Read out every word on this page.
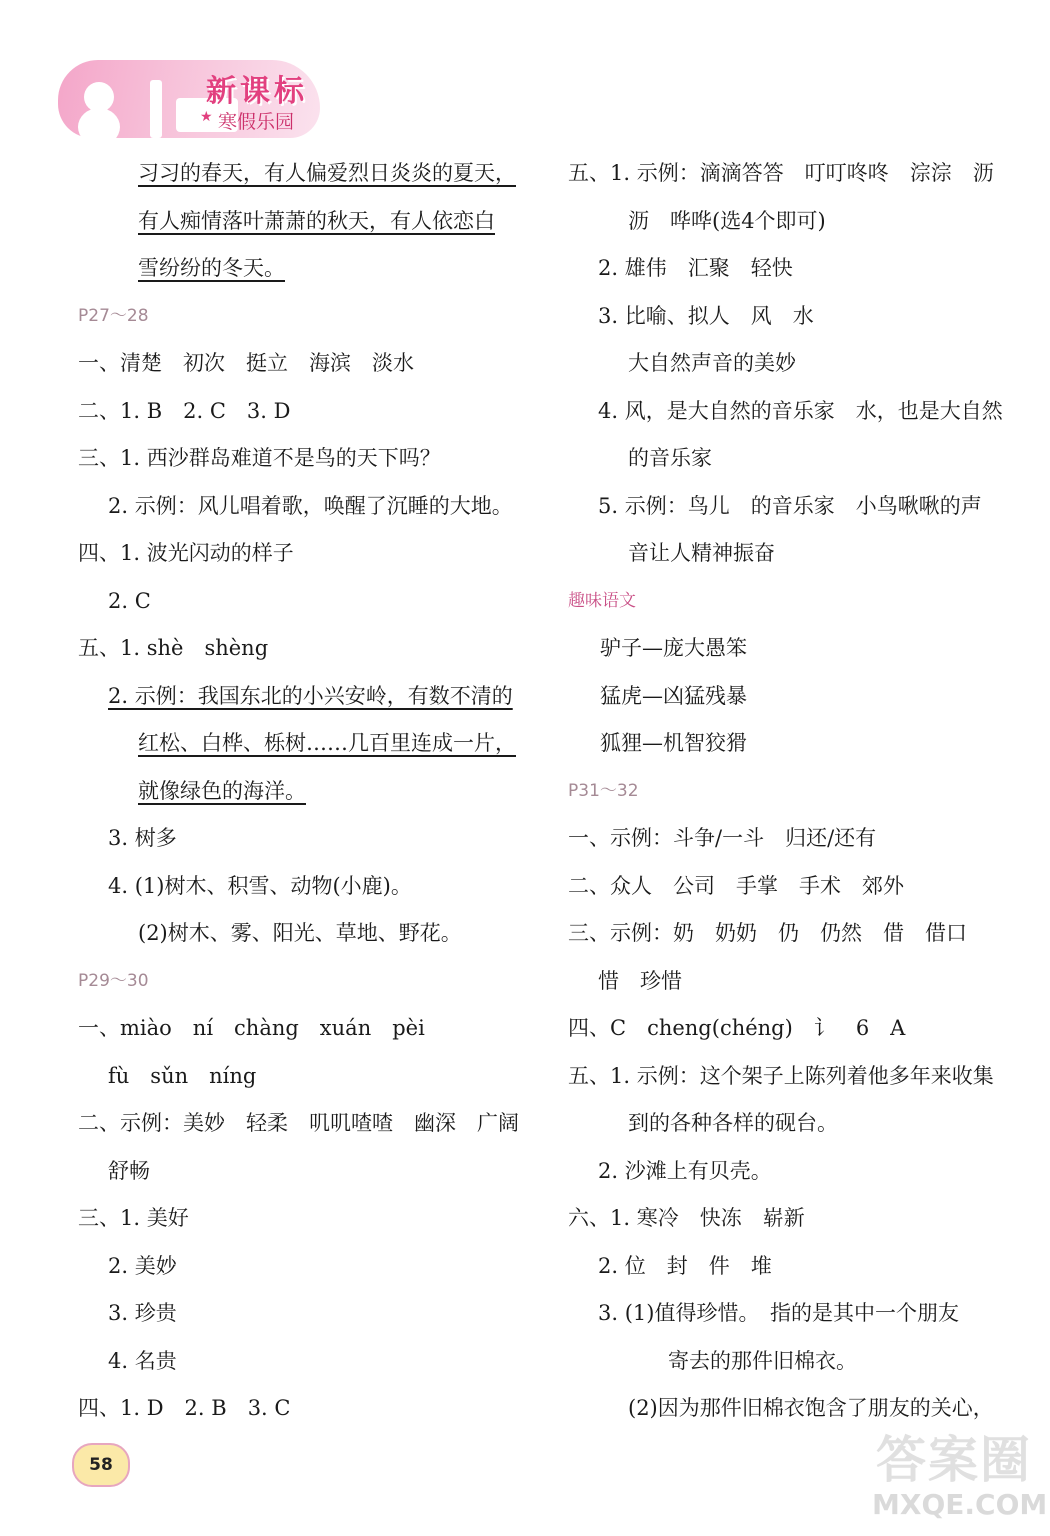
新课标
★ 寒假乐园
习习的春天，有人偏爱烈日炎炎的夏天，
有人痴情落叶萧萧的秋天，有人依恋白
雪纷纷的冬天。
P27～28
一、清楚　初次　挺立　海滨　淡水
二、1. B　2. C　3. D
三、1. 西沙群岛难道不是鸟的天下吗？
2. 示例：风儿唱着歌，唤醒了沉睡的大地。
四、1. 波光闪动的样子
2. C
五、1. shè　shèng
2. 示例：我国东北的小兴安岭，有数不清的
红松、白桦、栎树……几百里连成一片，
就像绿色的海洋。
3. 树多
4. (1)树木、积雪、动物(小鹿)。
(2)树木、雾、阳光、草地、野花。
P29～30
一、miào　ní　chàng　xuán　pèi
fù　sǔn　níng
二、示例：美妙　轻柔　叽叽喳喳　幽深　广阔
舒畅
三、1. 美好
2. 美妙
3. 珍贵
4. 名贵
四、1. D　2. B　3. C
五、1. 示例：滴滴答答　叮叮咚咚　淙淙　沥
沥　哗哗(选4个即可)
2. 雄伟　汇聚　轻快
3. 比喻、拟人　风　水
大自然声音的美妙
4. 风，是大自然的音乐家　水，也是大自然
的音乐家
5. 示例：鸟儿　的音乐家　小鸟啾啾的声
音让人精神振奋
趣味语文
驴子—庞大愚笨
猛虎—凶猛残暴
狐狸—机智狡猾
P31～32
一、示例：斗争/一斗　归还/还有
二、众人　公司　手掌　手术　郊外
三、示例：奶　奶奶　仍　仍然　借　借口
惜　珍惜
四、C　cheng(chéng)　讠　6　A
五、1. 示例：这个架子上陈列着他多年来收集
到的各种各样的砚台。
2. 沙滩上有贝壳。
六、1. 寒冷　快冻　崭新
2. 位　封　件　堆
3. (1)值得珍惜。　指的是其中一个朋友
寄去的那件旧棉衣。
(2)因为那件旧棉衣饱含了朋友的关心，
58	答案圈
MXQE.COM
